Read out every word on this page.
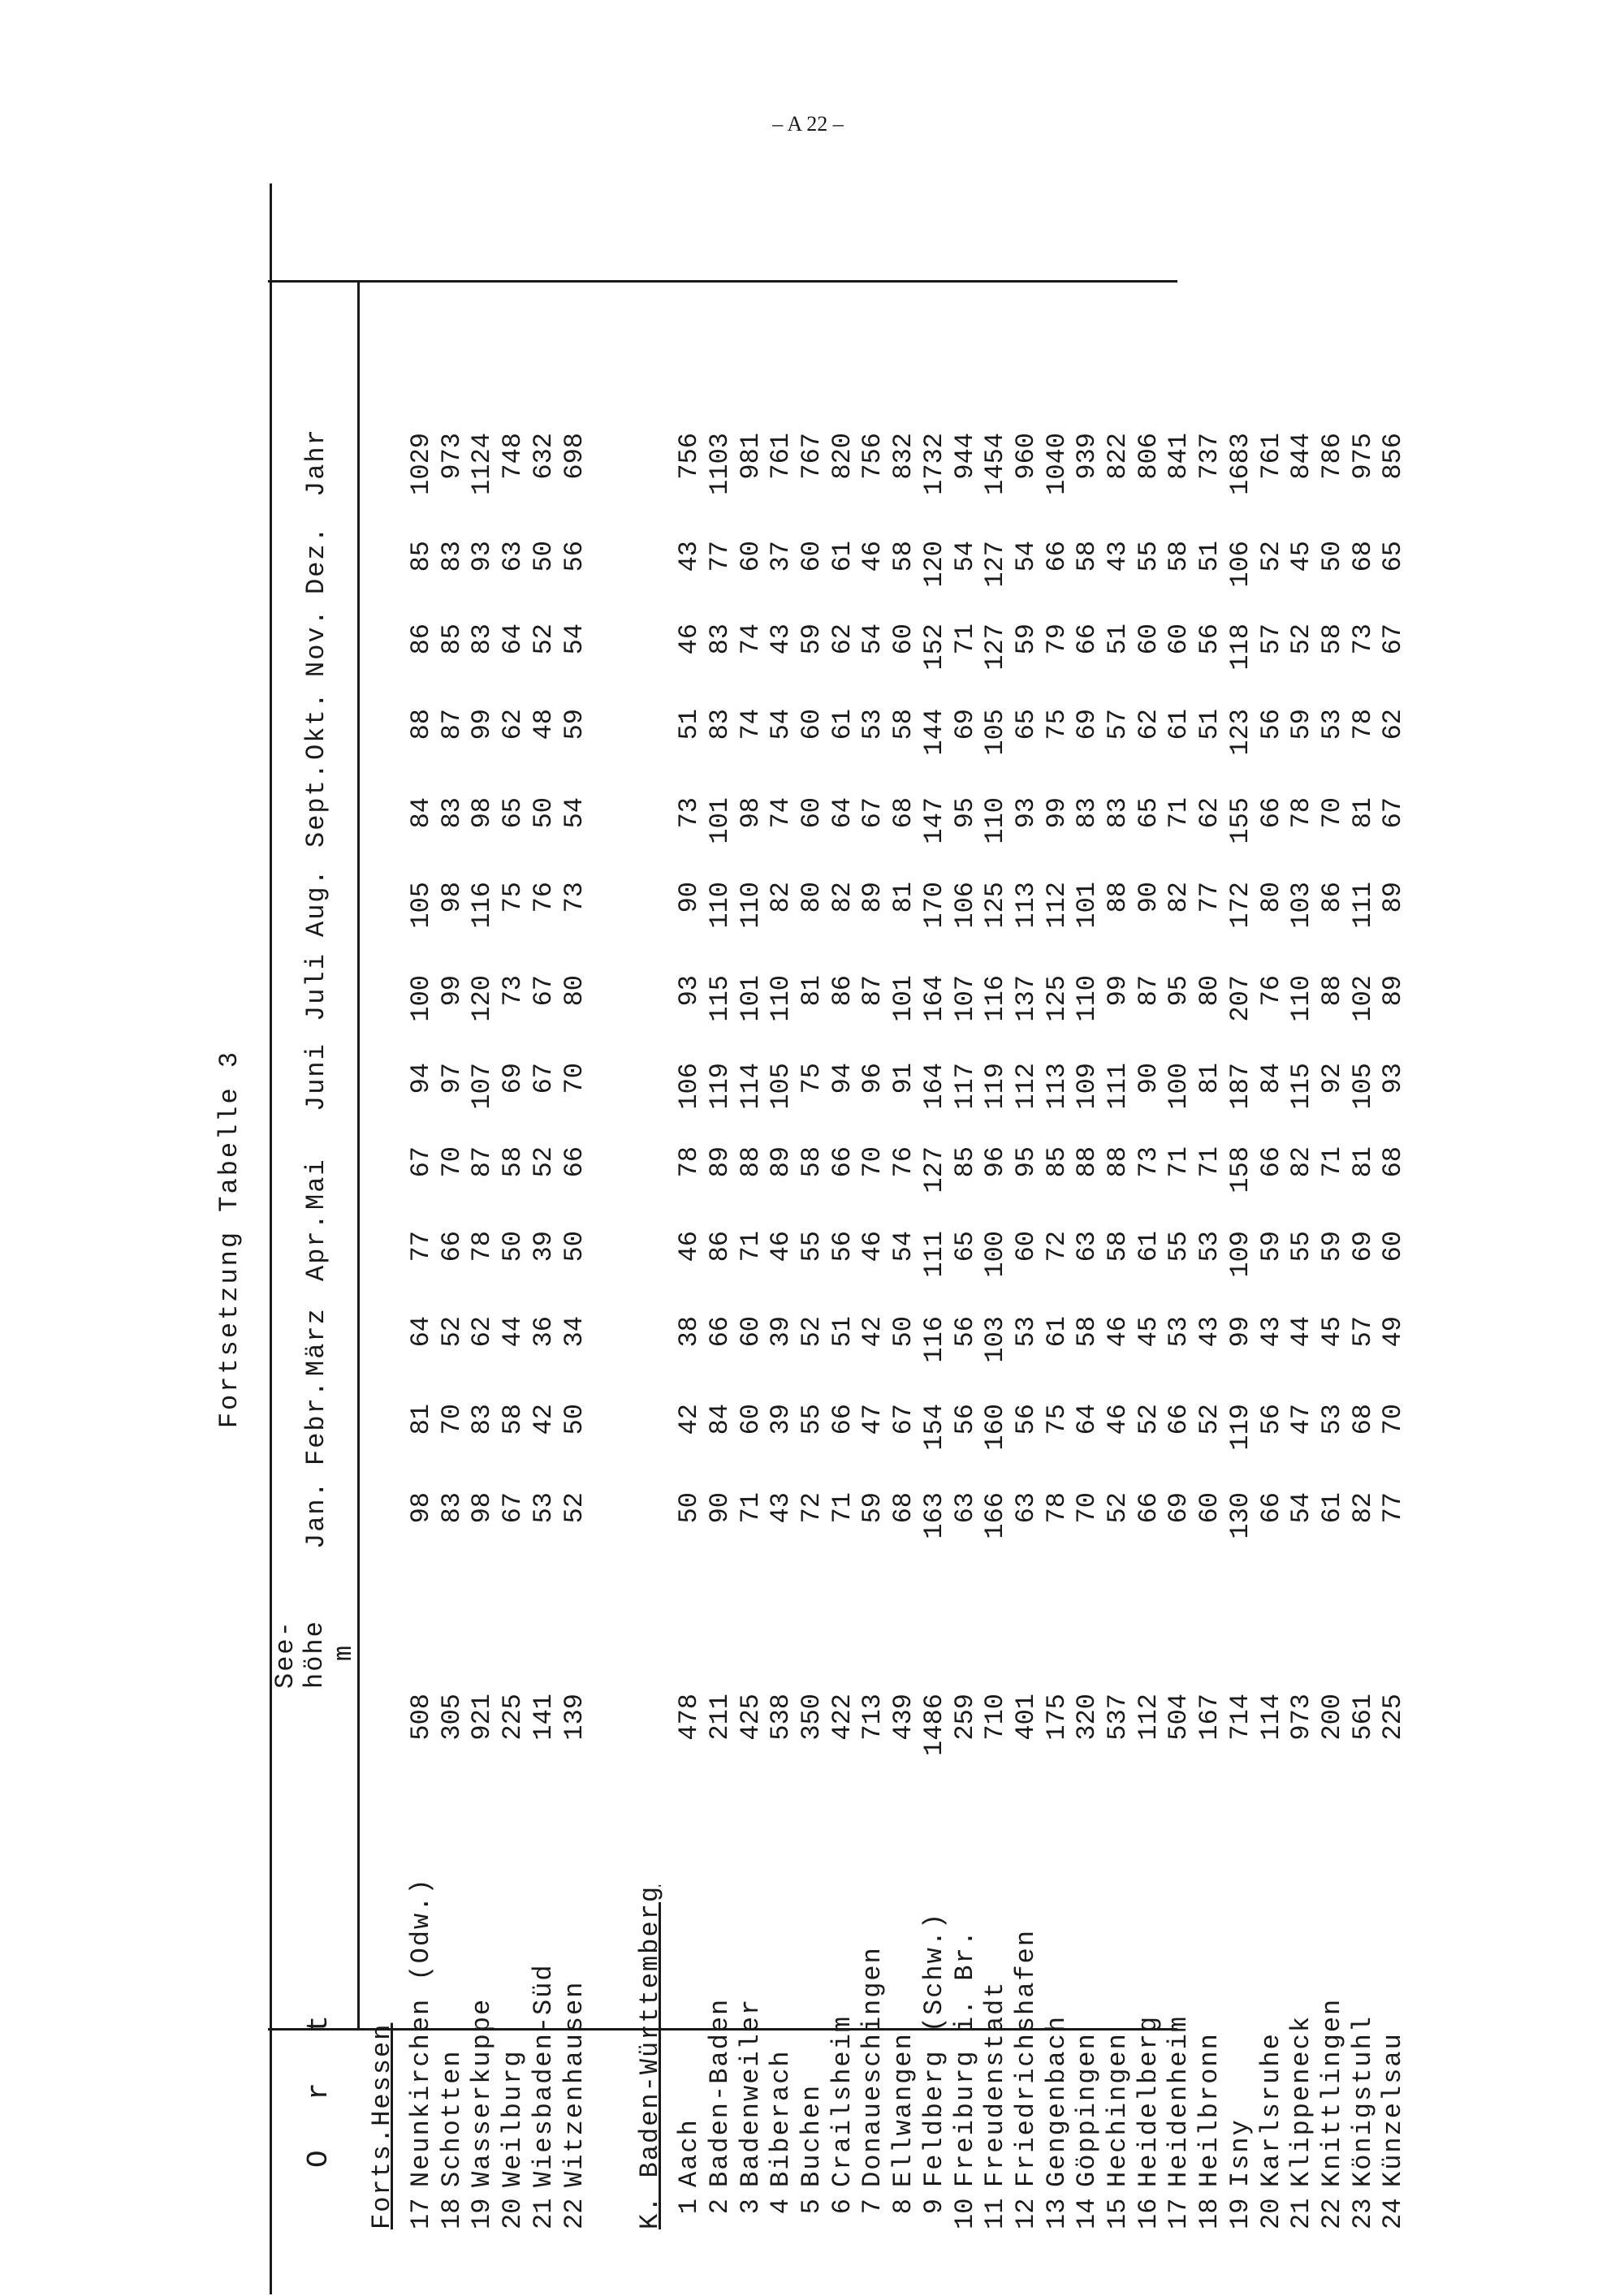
– A 22 –
Fortsetzung Tabelle 3
O r t
See- höhe m
Jan.
Febr.
März
Apr.
Mai
Juni
Juli
Aug.
Sept.
Okt.
Nov.
Dez.
Jahr
Forts.Hessen 17
Neunkirchen (Odw.)
508
98
81
64
77
67
94
100
105
84
88
86
85
1029
18
Schotten
305
83
70
52
66
70
97
99
98
83
87
85
83
973
19
Wasserkuppe
921
98
83
62
78
87
107
120
116
98
99
83
93
1124
20
Weilburg
225
67
58
44
50
58
69
73
75
65
62
64
63
748
21
Wiesbaden-Süd
141
53
42
36
39
52
67
67
76
50
48
52
50
632
22
Witzenhausen
139
52
50
34
50
66
70
80
73
54
59
54
56
698
K. Baden-Württemberg 1
Aach
478
50
42
38
46
78
106
93
90
73
51
46
43
756
2
Baden-Baden
211
90
84
66
86
89
119
115
110
101
83
83
77
1103
3
Badenweiler
425
71
60
60
71
88
114
101
110
98
74
74
60
981
4
Biberach
538
43
39
39
46
89
105
110
82
74
54
43
37
761
5
Buchen
350
72
55
52
55
58
75
81
80
60
60
59
60
767
6
Crailsheim
422
71
66
51
56
66
94
86
82
64
61
62
61
820
7
Donaueschingen
713
59
47
42
46
70
96
87
89
67
53
54
46
756
8
Ellwangen
439
68
67
50
54
76
91
101
81
68
58
60
58
832
9
Feldberg (Schw.)
1486
163
154
116
111
127
164
164
170
147
144
152
120
1732
10
Freiburg i. Br.
259
63
56
56
65
85
117
107
106
95
69
71
54
944
11
Freudenstadt
710
166
160
103
100
96
119
116
125
110
105
127
127
1454
12
Friedrichshafen
401
63
56
53
60
95
112
137
113
93
65
59
54
960
13
Gengenbach
175
78
75
61
72
85
113
125
112
99
75
79
66
1040
14
Göppingen
320
70
64
58
63
88
109
110
101
83
69
66
58
939
15
Hechingen
537
52
46
46
58
88
111
99
88
83
57
51
43
822
16
Heidelberg
112
66
52
45
61
73
90
87
90
65
62
60
55
806
17
Heidenheim
504
69
66
53
55
71
100
95
82
71
61
60
58
841
18
Heilbronn
167
60
52
43
53
71
81
80
77
62
51
56
51
737
19
Isny
714
130
119
99
109
158
187
207
172
155
123
118
106
1683
20
Karlsruhe
114
66
56
43
59
66
84
76
80
66
56
57
52
761
21
Klippeneck
973
54
47
44
55
82
115
110
103
78
59
52
45
844
22
Knittlingen
200
61
53
45
59
71
92
88
86
70
53
58
50
786
23
Königstuhl
561
82
68
57
69
81
105
102
111
81
78
73
68
975
24
Künzelsau
225
77
70
49
60
68
93
89
89
67
62
67
65
856
